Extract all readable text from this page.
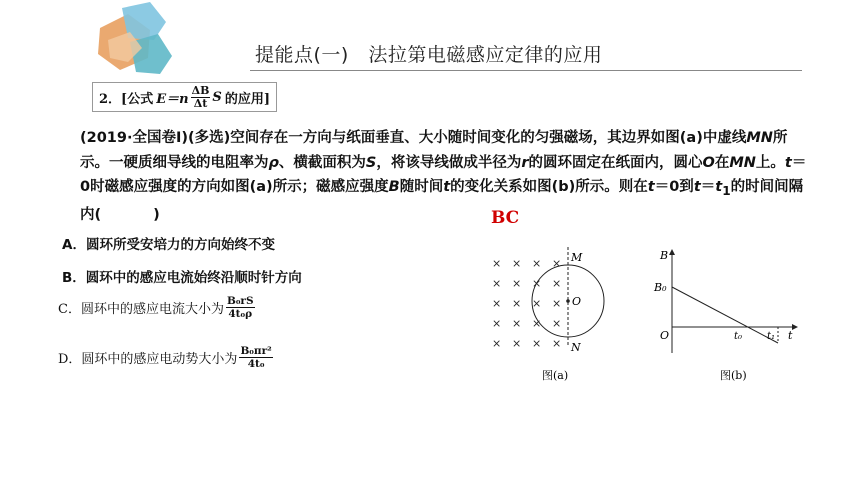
提能点(一)　法拉第电磁感应定律的应用
2．[公式 $E=n \frac{\Delta B}{\Delta t}$ S 的应用]
(2019·全国卷Ⅰ)(多选)空间存在一方向与纸面垂直、大小随时间变化的匀强磁场，其边界如图(a)中虚线MN所示。一硬质细导线的电阻率为ρ、横截面积为S，将该导线做成半径为r的圆环固定在纸面内，圆心O在MN上。t＝0时磁感应强度的方向如图(a)所示；磁感应强度B随时间t的变化关系如图(b)所示。则在t＝0到$t=t_1$的时间间隔内(	)	BC
A．圆环所受安培力的方向始终不变
B．圆环中的感应电流始终沿顺时针方向
C．圆环中的感应电流大小为 $\frac{\text{B₀rS}}{\text{4t₀ρ}}$
D．圆环中的感应电动势大小为 $\frac{\text{B₀πr²}}{\text{4t₀}}$
× × × ×
× × × ×
× × × ×
× × × ×
× × × ×
M
N
O
图(a)
B
B₀
O	t₀ t₁ t
图(b)
